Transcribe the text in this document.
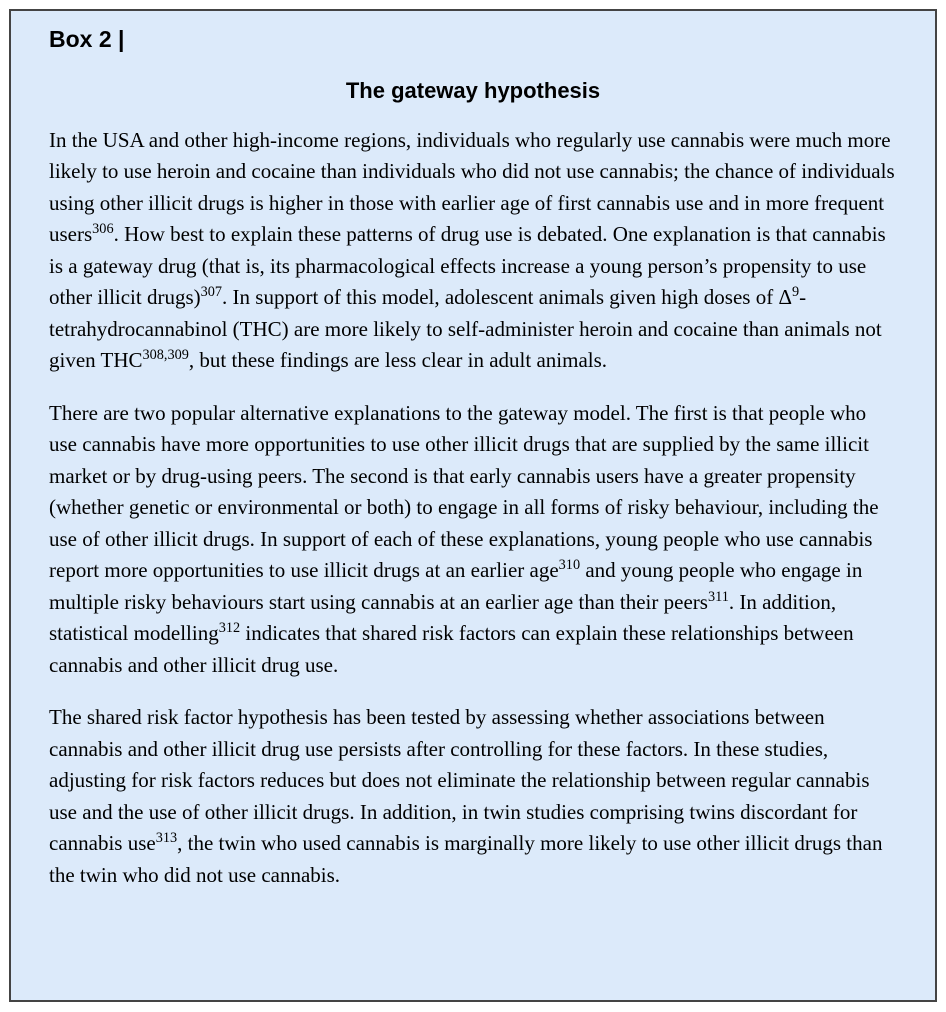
Box 2 |
The gateway hypothesis

In the USA and other high-income regions, individuals who regularly use cannabis were much more likely to use heroin and cocaine than individuals who did not use cannabis; the chance of individuals using other illicit drugs is higher in those with earlier age of first cannabis use and in more frequent users$^{306}$. How best to explain these patterns of drug use is debated. One explanation is that cannabis is a gateway drug (that is, its pharmacological effects increase a young person’s propensity to use other illicit drugs)$^{307}$. In support of this model, adolescent animals given high doses of $\Delta^9$-tetrahydrocannabinol (THC) are more likely to self-administer heroin and cocaine than animals not given THC$^{308,309}$, but these findings are less clear in adult animals.

There are two popular alternative explanations to the gateway model. The first is that people who use cannabis have more opportunities to use other illicit drugs that are supplied by the same illicit market or by drug-using peers. The second is that early cannabis users have a greater propensity (whether genetic or environmental or both) to engage in all forms of risky behaviour, including the use of other illicit drugs. In support of each of these explanations, young people who use cannabis report more opportunities to use illicit drugs at an earlier age$^{310}$ and young people who engage in multiple risky behaviours start using cannabis at an earlier age than their peers$^{311}$. In addition, statistical modelling$^{312}$ indicates that shared risk factors can explain these relationships between cannabis and other illicit drug use.

The shared risk factor hypothesis has been tested by assessing whether associations between cannabis and other illicit drug use persists after controlling for these factors. In these studies, adjusting for risk factors reduces but does not eliminate the relationship between regular cannabis use and the use of other illicit drugs. In addition, in twin studies comprising twins discordant for cannabis use$^{313}$, the twin who used cannabis is marginally more likely to use other illicit drugs than the twin who did not use cannabis.
